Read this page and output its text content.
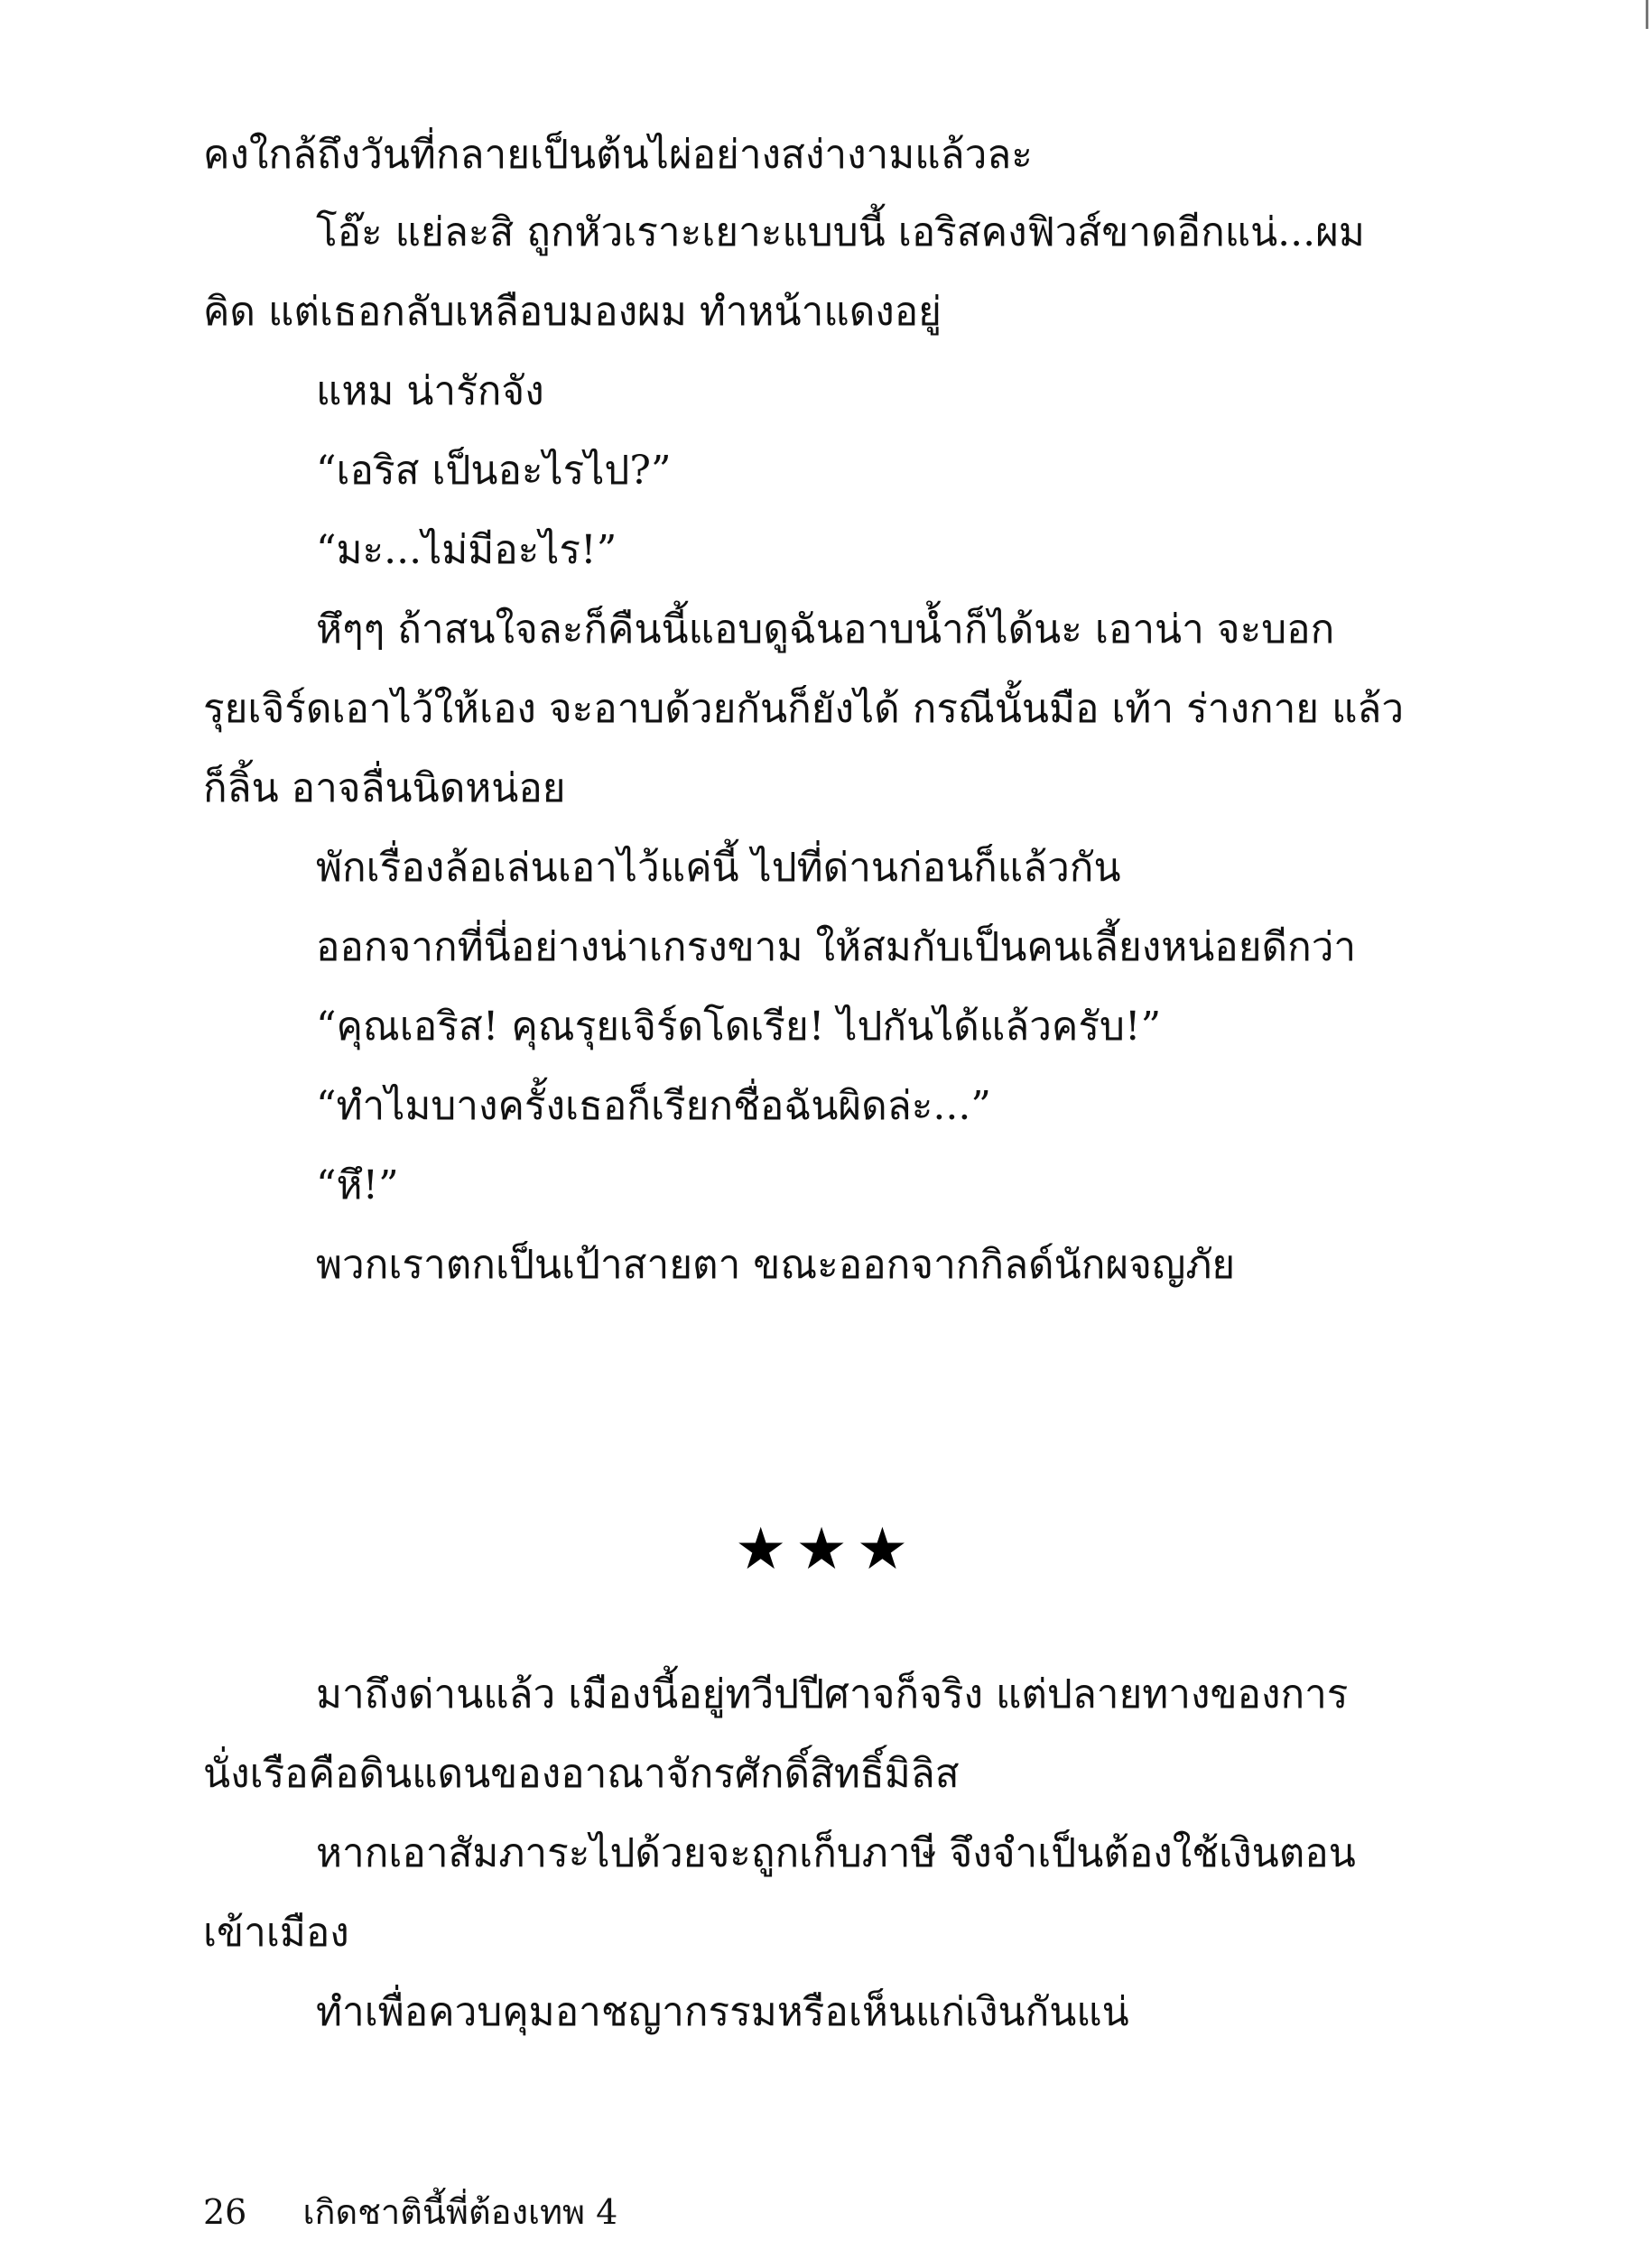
คงใกล้ถึงวันที่กลายเป็นต้นไผ่อย่างสง่างามแล้วละ
โอ๊ะ แย่ละสิ ถูกหัวเราะเยาะแบบนี้ เอริสคงฟิวส์ขาดอีกแน่...ผม
คิด แต่เธอกลับเหลือบมองผม ทำหน้าแดงอยู่
แหม น่ารักจัง
“เอริส เป็นอะไรไป?”
“มะ...ไม่มีอะไร!”
หึๆๆ ถ้าสนใจละก็คืนนี้แอบดูฉันอาบน้ำก็ได้นะ เอาน่า จะบอก
รุยเจิร์ดเอาไว้ให้เอง จะอาบด้วยกันก็ยังได้ กรณีนั้นมือ เท้า ร่างกาย แล้ว
ก็ลิ้น อาจลื่นนิดหน่อย
พักเรื่องล้อเล่นเอาไว้แค่นี้ ไปที่ด่านก่อนก็แล้วกัน
ออกจากที่นี่อย่างน่าเกรงขาม ให้สมกับเป็นคนเลี้ยงหน่อยดีกว่า
“คุณเอริส! คุณรุยเจิร์ดโดเรีย! ไปกันได้แล้วครับ!”
“ทำไมบางครั้งเธอก็เรียกชื่อฉันผิดล่ะ...”
“หึ!”
พวกเราตกเป็นเป้าสายตา ขณะออกจากกิลด์นักผจญภัย
★★★
มาถึงด่านแล้ว เมืองนี้อยู่ทวีปปีศาจก็จริง แต่ปลายทางของการ
นั่งเรือคือดินแดนของอาณาจักรศักดิ์สิทธิ์มิลิส
หากเอาสัมภาระไปด้วยจะถูกเก็บภาษี จึงจำเป็นต้องใช้เงินตอน
เข้าเมือง
ทำเพื่อควบคุมอาชญากรรมหรือเห็นแก่เงินกันแน่
26 เกิดชาตินี้พี่ต้องเทพ 4
